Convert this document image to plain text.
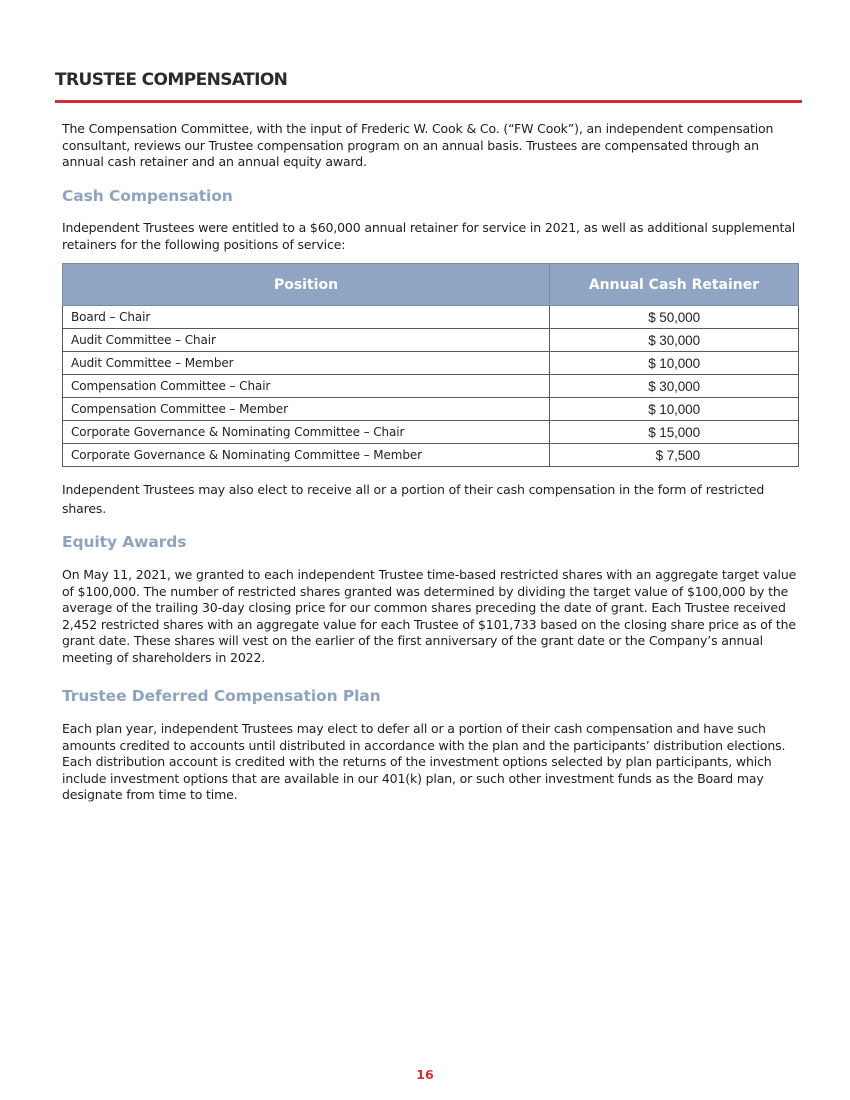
TRUSTEE COMPENSATION
The Compensation Committee, with the input of Frederic W. Cook & Co. (“FW Cook”), an independent compensation consultant, reviews our Trustee compensation program on an annual basis. Trustees are compensated through an annual cash retainer and an annual equity award.
Cash Compensation
Independent Trustees were entitled to a $60,000 annual retainer for service in 2021, as well as additional supplemental retainers for the following positions of service:
Position	Annual Cash Retainer
Board – Chair	$ 50,000
Audit Committee – Chair	$ 30,000
Audit Committee – Member	$ 10,000
Compensation Committee – Chair	$ 30,000
Compensation Committee – Member	$ 10,000
Corporate Governance & Nominating Committee – Chair	$ 15,000
Corporate Governance & Nominating Committee – Member	$ 7,500
Independent Trustees may also elect to receive all or a portion of their cash compensation in the form of restricted shares.
Equity Awards
On May 11, 2021, we granted to each independent Trustee time-based restricted shares with an aggregate target value of $100,000. The number of restricted shares granted was determined by dividing the target value of $100,000 by the average of the trailing 30-day closing price for our common shares preceding the date of grant. Each Trustee received 2,452 restricted shares with an aggregate value for each Trustee of $101,733 based on the closing share price as of the grant date. These shares will vest on the earlier of the first anniversary of the grant date or the Company’s annual meeting of shareholders in 2022.
Trustee Deferred Compensation Plan
Each plan year, independent Trustees may elect to defer all or a portion of their cash compensation and have such amounts credited to accounts until distributed in accordance with the plan and the participants’ distribution elections. Each distribution account is credited with the returns of the investment options selected by plan participants, which include investment options that are available in our 401(k) plan, or such other investment funds as the Board may designate from time to time.
16
